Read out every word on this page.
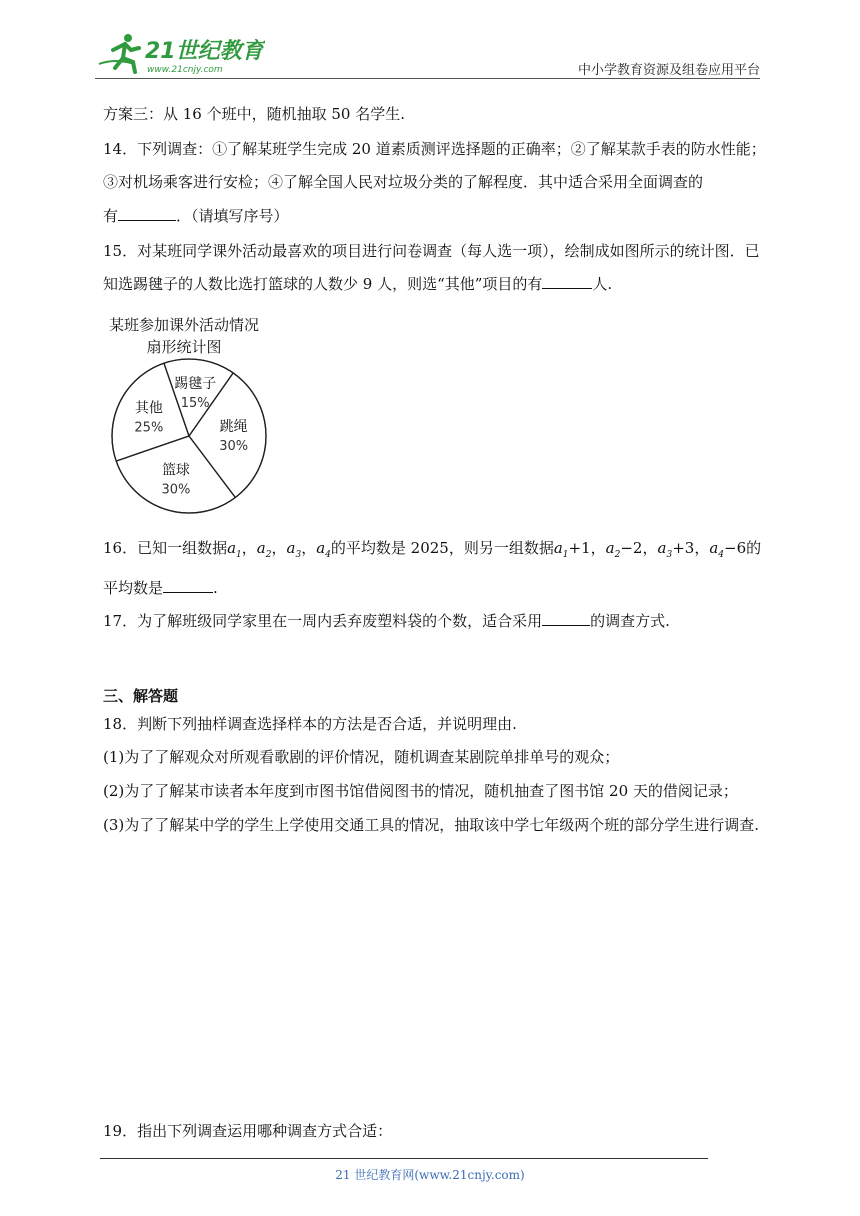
21世纪教育
www.21cnjy.com	中小学教育资源及组卷应用平台
方案三：从 16 个班中，随机抽取 50 名学生.
14．下列调查：①了解某班学生完成 20 道素质测评选择题的正确率；②了解某款手表的防水性能；
③对机场乘客进行安检；④了解全国人民对垃圾分类的了解程度．其中适合采用全面调查的
有	．（请填写序号）
15．对某班同学课外活动最喜欢的项目进行问卷调查（每人选一项），绘制成如图所示的统计图．已
知选踢毽子的人数比选打篮球的人数少 9 人，则选“其他”项目的有	人.
某班参加课外活动情况
扇形统计图
踢毽子
15%
跳绳
30%
篮球
30%
其他
25%
16．已知一组数据$a_1$，$a_2$，$a_3$，$a_4$的平均数是 2025，则另一组数据$a_1+1$，$a_2-2$，$a_3+3$，$a_4-6$的
平均数是	.
17．为了解班级同学家里在一周内丢弃废塑料袋的个数，适合采用	的调查方式.
三、解答题
18．判断下列抽样调查选择样本的方法是否合适，并说明理由.
(1)为了了解观众对所观看歌剧的评价情况，随机调查某剧院单排单号的观众；
(2)为了了解某市读者本年度到市图书馆借阅图书的情况，随机抽查了图书馆 20 天的借阅记录；
(3)为了了解某中学的学生上学使用交通工具的情况，抽取该中学七年级两个班的部分学生进行调查.
19．指出下列调查运用哪种调查方式合适：
21 世纪教育网(www.21cnjy.com)
